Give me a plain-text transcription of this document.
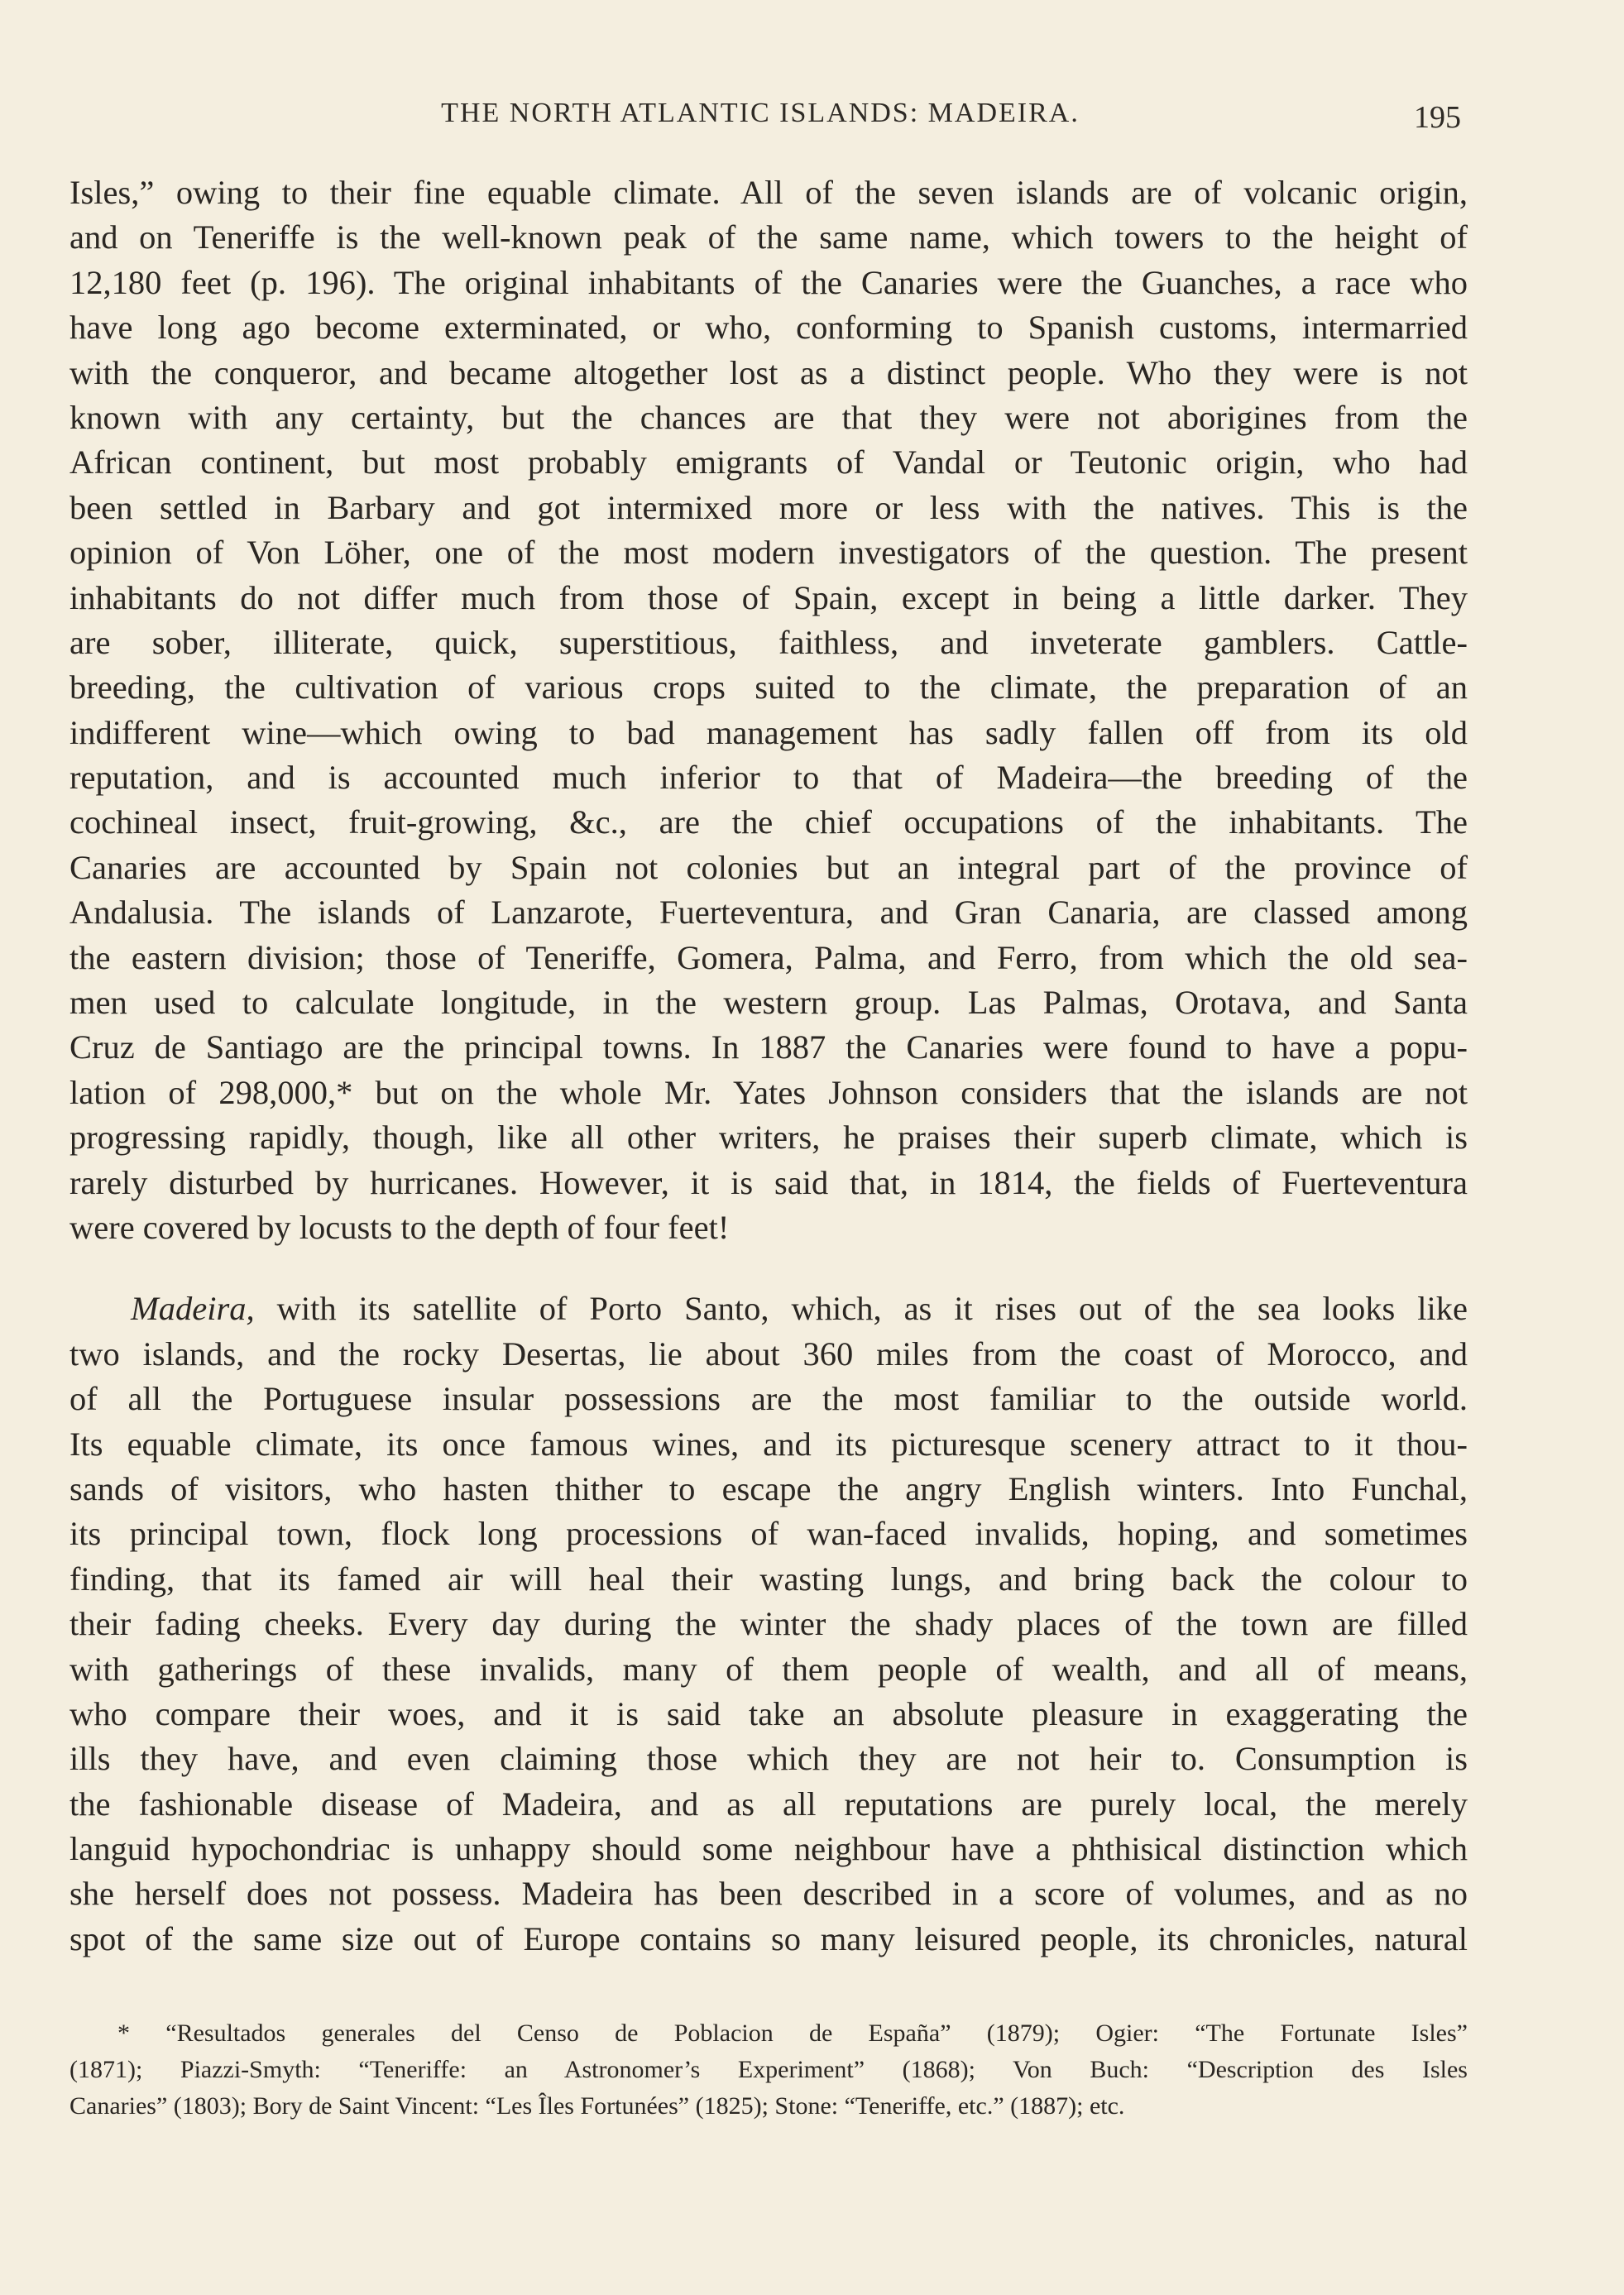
THE NORTH ATLANTIC ISLANDS: MADEIRA.	195
Isles,” owing to their fine equable climate. All of the seven islands are of volcanic origin,
and on Teneriffe is the well-known peak of the same name, which towers to the height of
12,180 feet (p. 196). The original inhabitants of the Canaries were the Guanches, a race who
have long ago become exterminated, or who, conforming to Spanish customs, intermarried
with the conqueror, and became altogether lost as a distinct people. Who they were is not
known with any certainty, but the chances are that they were not aborigines from the
African continent, but most probably emigrants of Vandal or Teutonic origin, who had
been settled in Barbary and got intermixed more or less with the natives. This is the
opinion of Von Löher, one of the most modern investigators of the question. The present
inhabitants do not differ much from those of Spain, except in being a little darker. They
are sober, illiterate, quick, superstitious, faithless, and inveterate gamblers. Cattle-
breeding, the cultivation of various crops suited to the climate, the preparation of an
indifferent wine—which owing to bad management has sadly fallen off from its old
reputation, and is accounted much inferior to that of Madeira—the breeding of the
cochineal insect, fruit-growing, &c., are the chief occupations of the inhabitants. The
Canaries are accounted by Spain not colonies but an integral part of the province of
Andalusia. The islands of Lanzarote, Fuerteventura, and Gran Canaria, are classed among
the eastern division; those of Teneriffe, Gomera, Palma, and Ferro, from which the old sea-
men used to calculate longitude, in the western group. Las Palmas, Orotava, and Santa
Cruz de Santiago are the principal towns. In 1887 the Canaries were found to have a popu-
lation of 298,000,* but on the whole Mr. Yates Johnson considers that the islands are not
progressing rapidly, though, like all other writers, he praises their superb climate, which is
rarely disturbed by hurricanes. However, it is said that, in 1814, the fields of Fuerteventura
were covered by locusts to the depth of four feet!
Madeira, with its satellite of Porto Santo, which, as it rises out of the sea looks like
two islands, and the rocky Desertas, lie about 360 miles from the coast of Morocco, and
of all the Portuguese insular possessions are the most familiar to the outside world.
Its equable climate, its once famous wines, and its picturesque scenery attract to it thou-
sands of visitors, who hasten thither to escape the angry English winters. Into Funchal,
its principal town, flock long processions of wan-faced invalids, hoping, and sometimes
finding, that its famed air will heal their wasting lungs, and bring back the colour to
their fading cheeks. Every day during the winter the shady places of the town are filled
with gatherings of these invalids, many of them people of wealth, and all of means,
who compare their woes, and it is said take an absolute pleasure in exaggerating the
ills they have, and even claiming those which they are not heir to. Consumption is
the fashionable disease of Madeira, and as all reputations are purely local, the merely
languid hypochondriac is unhappy should some neighbour have a phthisical distinction which
she herself does not possess. Madeira has been described in a score of volumes, and as no
spot of the same size out of Europe contains so many leisured people, its chronicles, natural
* “Resultados generales del Censo de Poblacion de España” (1879); Ogier: “The Fortunate Isles”
(1871); Piazzi-Smyth: “Teneriffe: an Astronomer’s Experiment” (1868); Von Buch: “Description des Isles
Canaries” (1803); Bory de Saint Vincent: “Les Îles Fortunées” (1825); Stone: “Teneriffe, etc.” (1887); etc.
